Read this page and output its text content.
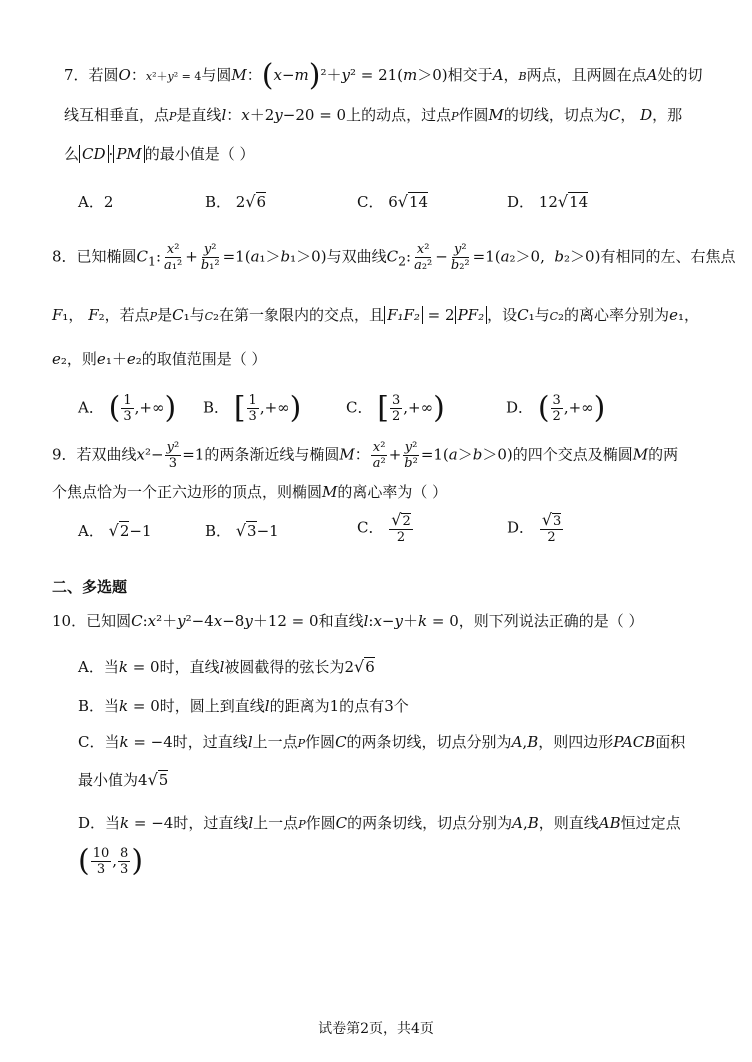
7．若圆O：x²＋y² = 4与圆M：(x−m)²＋y² = 21(m＞0)相交于A，B两点，且两圆在点A处的切
线互相垂直，点P是直线l：x＋2y−20 = 0上的动点，过点P作圆M的切线，切点为C， D，那
么 CD · PM 的最小值是（ ）
A．2	B． 2√6	C． 6√14	D． 12√14
8．已知椭圆$C_1$: $\frac{\text{x²}}{\text{a₁²}} + \frac{\text{y²}}{\text{b₁²}} =1(a_1>b_1>0)$与双曲线$C_2$: $\frac{\text{x²}}{\text{a₂²}} - \frac{\text{y²}}{\text{b₂²}} =1(a_2>0$,  b₂＞0)有相同的左、右焦点
F₁， F₂，若点P是C₁与C₂在第一象限内的交点，且 F₁F₂ = 2 PF₂ ，设C₁与C₂的离心率分别为e₁，
e₂，则e₁＋e₂的取值范围是（ ）
A． ( $\frac{1}{3}$ ,+∞) B． [ $\frac{1}{3}$ ,+∞)	C． [ $\frac{3}{2}$ ,+∞)	D． ( $\frac{3}{2}$ ,+∞)
9．若双曲线$x^2- \frac{\text{y²}}{3} =1$的两条渐近线与椭圆M： $\frac{\text{x²}}{\text{a²}} + \frac{\text{y²}}{\text{b²}} =1(a>b>0)$的四个交点及椭圆M的两
个焦点恰为一个正六边形的顶点，则椭圆M的离心率为（ ）
A． √2−1	B． √3−1	C． $\frac{√2}{2}$	D． $\frac{√3}{2}$
二、多选题
10．已知圆C:x²＋y²−4x−8y＋12 = 0和直线l:x−y＋k = 0，则下列说法正确的是（ ）
A．当k = 0时，直线l被圆截得的弦长为2√6
B．当k = 0时，圆上到直线l的距离为1的点有3个
C．当k = −4时，过直线l上一点P作圆C的两条切线，切点分别为A,B，则四边形PACB面积
最小值为4√5
D．当k = −4时，过直线l上一点P作圆C的两条切线，切点分别为A,B，则直线AB恒过定点
( $\frac{10}{3}$ , $\frac{8}{3}$ )
试卷第2页，共4页
